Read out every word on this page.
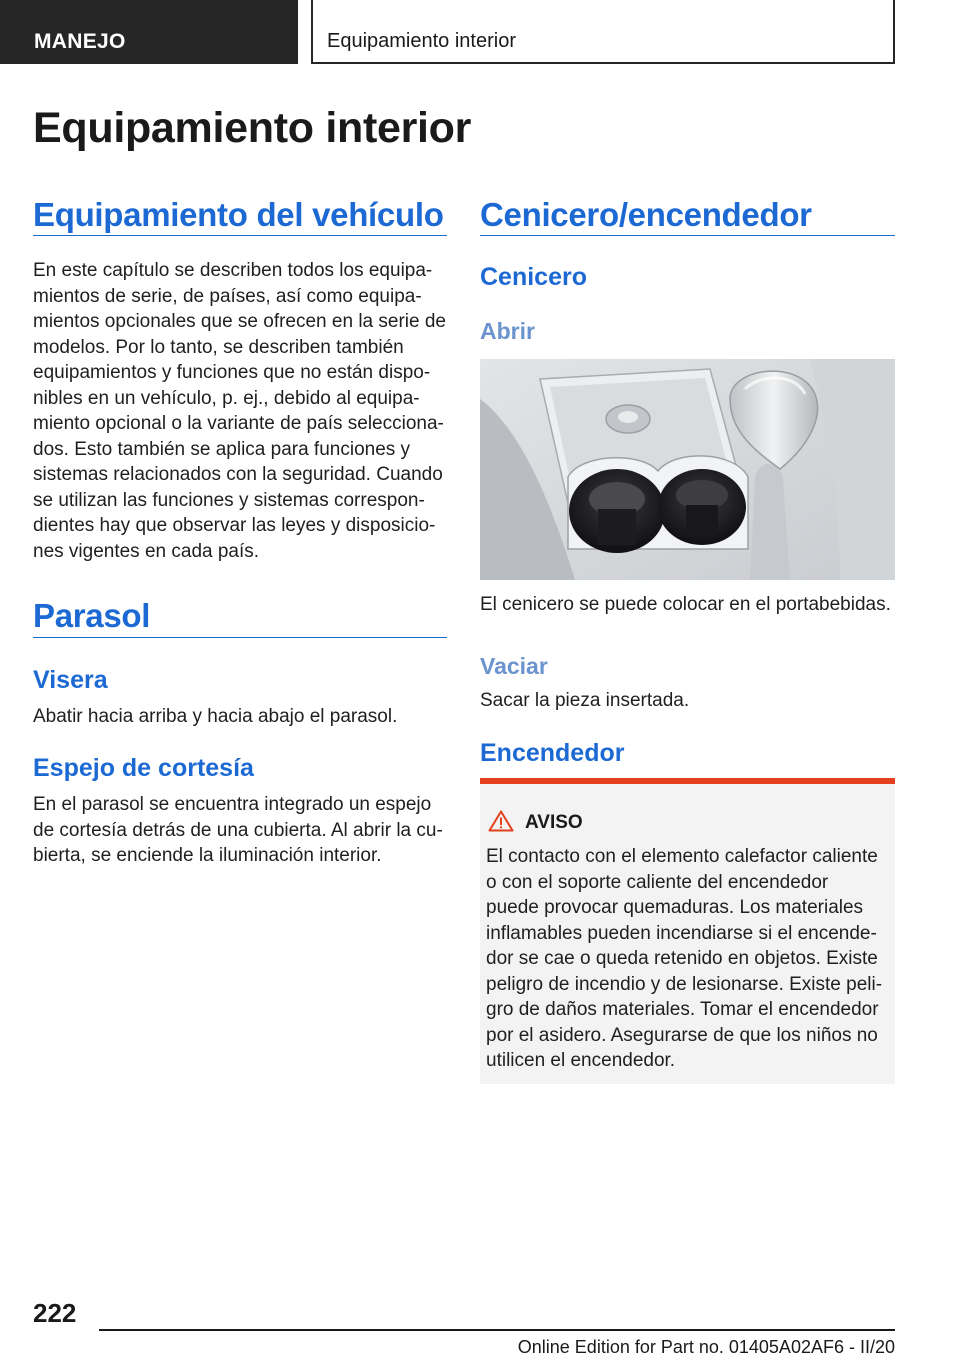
MANEJO	Equipamiento interior
Equipamiento interior
Equipamiento del vehículo
En este capítulo se describen todos los equipa-
mientos de serie, de países, así como equipa-
mientos opcionales que se ofrecen en la serie de
modelos. Por lo tanto, se describen también
equipamientos y funciones que no están dispo-
nibles en un vehículo, p. ej., debido al equipa-
miento opcional o la variante de país selecciona-
dos. Esto también se aplica para funciones y
sistemas relacionados con la seguridad. Cuando
se utilizan las funciones y sistemas correspon-
dientes hay que observar las leyes y disposicio-
nes vigentes en cada país.
Parasol
Visera
Abatir hacia arriba y hacia abajo el parasol.
Espejo de cortesía
En el parasol se encuentra integrado un espejo
de cortesía detrás de una cubierta. Al abrir la cu-
bierta, se enciende la iluminación interior.
Cenicero/encendedor
Cenicero
Abrir
El cenicero se puede colocar en el portabebidas.
Vaciar
Sacar la pieza insertada.
Encendedor
AVISO
El contacto con el elemento calefactor caliente
o con el soporte caliente del encendedor
puede provocar quemaduras. Los materiales
inflamables pueden incendiarse si el encende-
dor se cae o queda retenido en objetos. Existe
peligro de incendio y de lesionarse. Existe peli-
gro de daños materiales. Tomar el encendedor
por el asidero. Asegurarse de que los niños no
utilicen el encendedor.
222
Online Edition for Part no. 01405A02AF6 - II/20
